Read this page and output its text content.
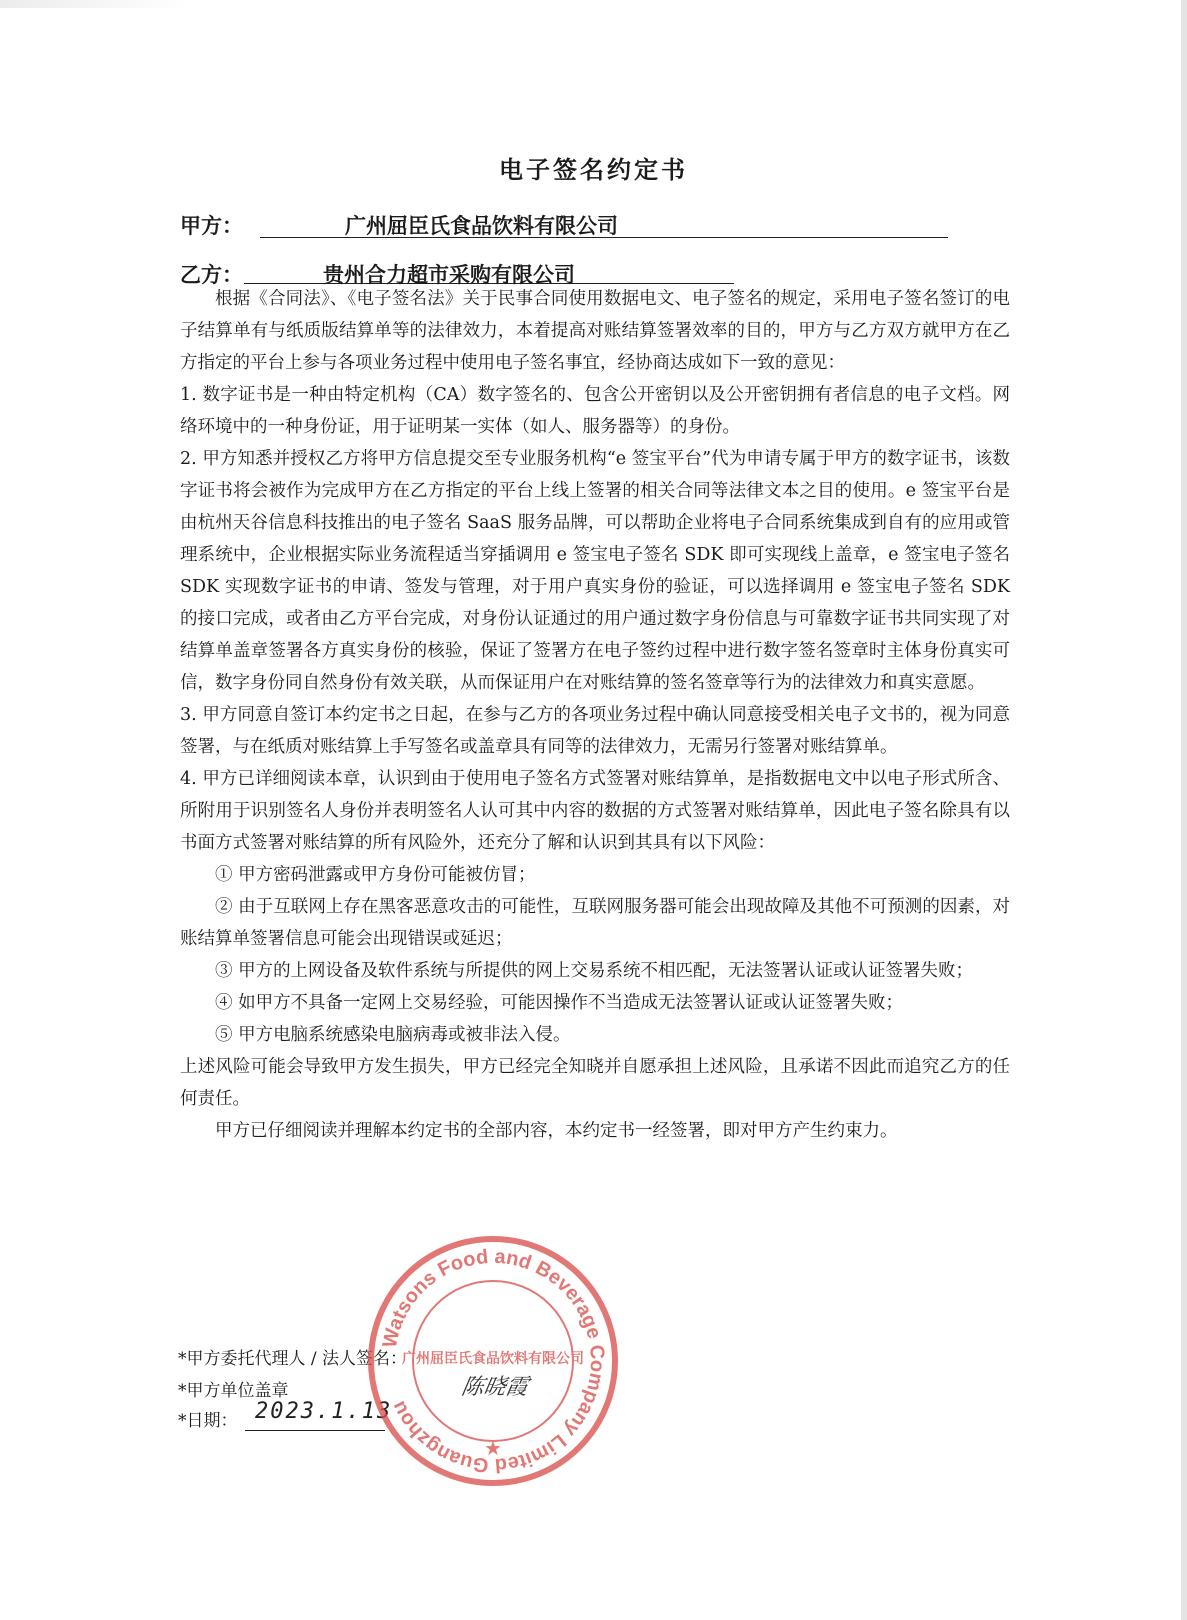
电子签名约定书
甲方：	广州屈臣氏食品饮料有限公司
乙方：	贵州合力超市采购有限公司

根据《合同法》、《电子签名法》关于民事合同使用数据电文、电子签名的规定，采用电子签名签订的电子结算单有与纸质版结算单等的法律效力，本着提高对账结算签署效率的目的，甲方与乙方双方就甲方在乙方指定的平台上参与各项业务过程中使用电子签名事宜，经协商达成如下一致的意见：

1. 数字证书是一种由特定机构（CA）数字签名的、包含公开密钥以及公开密钥拥有者信息的电子文档。网络环境中的一种身份证，用于证明某一实体（如人、服务器等）的身份。

2. 甲方知悉并授权乙方将甲方信息提交至专业服务机构“e 签宝平台”代为申请专属于甲方的数字证书，该数字证书将会被作为完成甲方在乙方指定的平台上线上签署的相关合同等法律文本之目的使用。e 签宝平台是由杭州天谷信息科技推出的电子签名 SaaS 服务品牌，可以帮助企业将电子合同系统集成到自有的应用或管理系统中，企业根据实际业务流程适当穿插调用 e 签宝电子签名 SDK 即可实现线上盖章，e 签宝电子签名 SDK 实现数字证书的申请、签发与管理，对于用户真实身份的验证，可以选择调用 e 签宝电子签名 SDK 的接口完成，或者由乙方平台完成，对身份认证通过的用户通过数字身份信息与可靠数字证书共同实现了对结算单盖章签署各方真实身份的核验，保证了签署方在电子签约过程中进行数字签名签章时主体身份真实可信，数字身份同自然身份有效关联，从而保证用户在对账结算的签名签章等行为的法律效力和真实意愿。

3. 甲方同意自签订本约定书之日起，在参与乙方的各项业务过程中确认同意接受相关电子文书的，视为同意签署，与在纸质对账结算上手写签名或盖章具有同等的法律效力，无需另行签署对账结算单。

4. 甲方已详细阅读本章，认识到由于使用电子签名方式签署对账结算单，是指数据电文中以电子形式所含、所附用于识别签名人身份并表明签名人认可其中内容的数据的方式签署对账结算单，因此电子签名除具有以书面方式签署对账结算的所有风险外，还充分了解和认识到其具有以下风险：

① 甲方密码泄露或甲方身份可能被仿冒；

② 由于互联网上存在黑客恶意攻击的可能性，互联网服务器可能会出现故障及其他不可预测的因素，对账结算单签署信息可能会出现错误或延迟；

③ 甲方的上网设备及软件系统与所提供的网上交易系统不相匹配，无法签署认证或认证签署失败；

④ 如甲方不具备一定网上交易经验，可能因操作不当造成无法签署认证或认证签署失败；

⑤ 甲方电脑系统感染电脑病毒或被非法入侵。

上述风险可能会导致甲方发生损失，甲方已经完全知晓并自愿承担上述风险，且承诺不因此而追究乙方的任何责任。

甲方已仔细阅读并理解本约定书的全部内容，本约定书一经签署，即对甲方产生约束力。

*甲方委托代理人 / 法人签名：
*甲方单位盖章
*日期：
陈晓霞
2023.1.13
Watsons Food and Beverage Company Limited Guangzhou
广州屈臣氏食品饮料有限公司
★
